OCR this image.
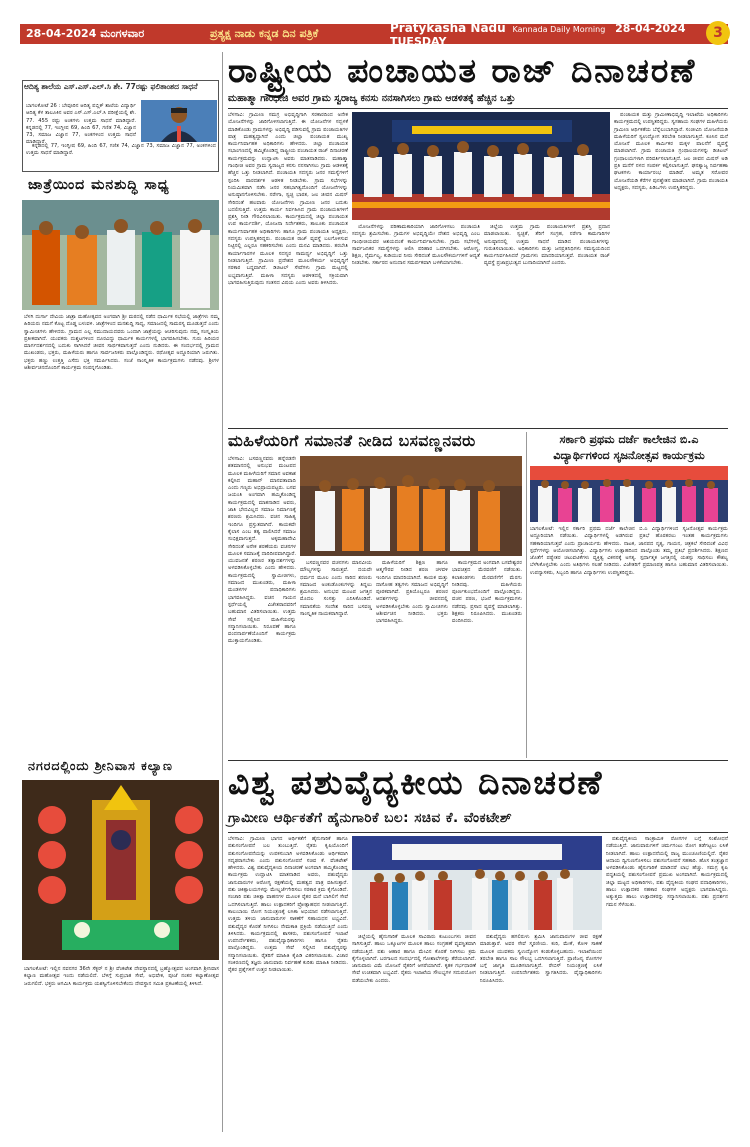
28-04-2024 ಮಂಗಳವಾರ	ಪ್ರತ್ಯಕ್ಷ ನಾಡು ಕನ್ನಡ ದಿನ ಪತ್ರಿಕೆ	Pratykasha Nadu Kannada Daily Morning 28-04-2024 TUESDAY	3
ಆದಿತ್ಯ ಶಾಲೆಯ ಎಸ್.ಎಸ್.ಎಲ್.ಸಿ ಶೇ. 77ರಷ್ಟು ಫಲಿತಾಂಶದ ಸಾಧನೆ
ಬಾಗಲಕೋಟೆ 26 : ಬೇವೂರಿನ ಆದಿತ್ಯ ಪಬ್ಲಿಕ್ ಶಾಲೆಯ ವಿದ್ಯಾರ್ಥಿ ಆದಿತ್ಯ ಕೆಳ ತಾಲೂಕಿನ ಅವರ ಎಸ್.ಎಸ್.ಎಲ್.ಸಿ ಪರೀಕ್ಷೆಯಲ್ಲಿ ಶೇ. 77. 455 ರಷ್ಟು ಅಂಕಗಳು ಉತ್ತಮ ಸಾಧನೆ ಮಾಡಿದ್ದಾರೆ. ಕನ್ನಡದಲ್ಲಿ 77, ಇಂಗ್ಲೀಷ 69, ಹಿಂದಿ 67, ಗಣಿತ 74, ವಿಜ್ಞಾನ 73, ಸಮಾಜ ವಿಜ್ಞಾನ 77, ಅಂಕಗಳಿಂದ ಉತ್ತಮ ಸಾಧನೆ ಮಾಡಿದ್ದಾರೆ.

ಕನ್ನಡದಲ್ಲಿ 77, ಇಂಗ್ಲೀಷ 69, ಹಿಂದಿ 67, ಗಣಿತ 74, ವಿಜ್ಞಾನ 73, ಸಮಾಜ ವಿಜ್ಞಾನ 77, ಅಂಕಗಳಿಂದ ಉತ್ತಮ ಸಾಧನೆ ಮಾಡಿದ್ದಾರೆ.

ಜಾತ್ರೆಯಿಂದ ಮನಶುದ್ಧಿ ಸಾಧ್ಯ
ಬೆಳಗಿ ದುರ್ಗಾ ದೇವಿಯ ಜಾತ್ರಾ ಮಹೋತ್ಸವದ ಅಂಗವಾಗಿ ಶ್ರೀ ಮಠದಲ್ಲಿ ನಡೆದ ಧಾರ್ಮಿಕ ಸಭೆಯಲ್ಲಿ ಜಾತ್ರೆಗಳು ನಮ್ಮ ಹಿರಿಯರು ನಮಗೆ ಕೊಟ್ಟ ದೊಡ್ಡ ಬಳುವಳಿ. ಜಾತ್ರೆಗಳಿಂದ ಮನಶುದ್ಧಿ ಸಾಧ್ಯ, ಸಮಾಜದಲ್ಲಿ ಸಾಮರಸ್ಯ ಮೂಡುತ್ತದೆ ಎಂದು ಸ್ವಾಮೀಜಿಗಳು ಹೇಳಿದರು. ಗ್ರಾಮದ ಎಲ್ಲ ಸಮುದಾಯದವರು ಒಂದಾಗಿ ಜಾತ್ರೆಯನ್ನು ಆಚರಿಸುವುದು ನಮ್ಮ ಸಂಸ್ಕೃತಿಯ ಪ್ರತೀಕವಾಗಿದೆ. ಯುವಕರು ದುಶ್ಚಟಗಳಿಂದ ದೂರವಿದ್ದು ಧಾರ್ಮಿಕ ಕಾರ್ಯಗಳಲ್ಲಿ ಭಾಗವಹಿಸಬೇಕು. ಗುರು ಹಿರಿಯರ ಮಾರ್ಗದರ್ಶನದಲ್ಲಿ ಬದುಕು ಸಾಗಿಸಿದರೆ ಜೀವನ ಸಾರ್ಥಕವಾಗುತ್ತದೆ ಎಂದು ನುಡಿದರು. ಈ ಸಂದರ್ಭದಲ್ಲಿ ಗ್ರಾಮದ ಮುಖಂಡರು, ಭಕ್ತರು, ಮಹಿಳೆಯರು ಹಾಗೂ ಸಾರ್ವಜನಿಕರು ಪಾಲ್ಗೊಂಡಿದ್ದರು. ರಥೋತ್ಸವ ಅದ್ದೂರಿಯಾಗಿ ಜರುಗಿತು. ಭಕ್ತರು ಹಣ್ಣು ಉತ್ತತ್ತಿ ಎಸೆದು ಭಕ್ತಿ ಸಮರ್ಪಿಸಿದರು. ಸಂಜೆ ಸಾಂಸ್ಕೃತಿಕ ಕಾರ್ಯಕ್ರಮಗಳು ನಡೆದವು. ಶ್ರೀಗಳ ಆಶೀರ್ವಚನದೊಂದಿಗೆ ಕಾರ್ಯಕ್ರಮ ಸಂಪನ್ನಗೊಂಡಿತು.
ನಗರದಲ್ಲಿಂದು ಶ್ರೀನಿವಾಸ ಕಲ್ಯಾಣ
ಬಾಗಲಕೋಟೆ: ಇಲ್ಲಿನ ನವನಗರ 36ನೇ ಸೆಕ್ಟರ್ ನ ಶ್ರೀ ವೆಂಕಟೇಶ ದೇವಸ್ಥಾನದಲ್ಲಿ ಬ್ರಹ್ಮೋತ್ಸವದ ಅಂಗವಾಗಿ ಶ್ರೀನಿವಾಸ ಕಲ್ಯಾಣ ಮಹೋತ್ಸವ ಇಂದು ನಡೆಯಲಿದೆ. ಬೆಳಿಗ್ಗೆ ಸುಪ್ರಭಾತ ಸೇವೆ, ಅಭಿಷೇಕ, ಪೂಜೆ ನಂತರ ಕಲ್ಯಾಣೋತ್ಸವ ಜರುಗಲಿದೆ. ಭಕ್ತರು ಆಗಮಿಸಿ ಕಾರ್ಯಕ್ರಮ ಯಶಸ್ವಿಗೊಳಿಸಬೇಕೆಂದು ದೇವಸ್ಥಾನ ಸಮಿತಿ ಪ್ರಕಟಣೆಯಲ್ಲಿ ತಿಳಿಸಿದೆ.
ರಾಷ್ಟ್ರೀಯ ಪಂಚಾಯತ ರಾಜ್ ದಿನಾಚರಣೆ
ಮಹಾತ್ಮಾ ಗಾಂಧೀಜಿ ಅವರ ಗ್ರಾಮ ಸ್ವರಾಜ್ಯ ಕನಸು ನನಸಾಗಿಸಲು ಗ್ರಾಮ ಆಡಳಿತಕ್ಕೆ ಹೆಚ್ಚಿನ ಒತ್ತು
ಬೆಳಗಾವಿ: ಗ್ರಾಮೀಣ ಸಮಗ್ರ ಅಭಿವೃದ್ಧಿಗಾಗಿ ಸರಕಾರದಿಂದ ಅನೇಕ ಯೋಜನೆಗಳನ್ನು ಜಾರಿಗೊಳಿಸಲಾಗುತ್ತಿದೆ. ಈ ಯೋಜನೆಗಳ ಸದ್ಬಳಕೆ ಮಾಡಿಕೊಂಡು ಗ್ರಾಮಗಳನ್ನು ಅಭಿವೃದ್ಧಿ ಪಡಿಸುವಲ್ಲಿ ಗ್ರಾಮ ಪಂಚಾಯತಿಗಳ ಪಾತ್ರ ಮಹತ್ವದ್ದಾಗಿದೆ ಎಂದು ಜಿಲ್ಲಾ ಪಂಚಾಯತ ಮುಖ್ಯ ಕಾರ್ಯನಿರ್ವಾಹಕ ಅಧಿಕಾರಿಗಳು ಹೇಳಿದರು. ಜಿಲ್ಲಾ ಪಂಚಾಯತ ಸಭಾಂಗಣದಲ್ಲಿ ಹಮ್ಮಿಕೊಂಡಿದ್ದ ರಾಷ್ಟ್ರೀಯ ಪಂಚಾಯತ ರಾಜ್ ದಿನಾಚರಣೆ ಕಾರ್ಯಕ್ರಮವನ್ನು ಉದ್ಘಾಟಿಸಿ ಅವರು ಮಾತನಾಡಿದರು. ಮಹಾತ್ಮಾ ಗಾಂಧೀಜಿ ಅವರ ಗ್ರಾಮ ಸ್ವರಾಜ್ಯದ ಕನಸು ನನಸಾಗಿಸಲು ಗ್ರಾಮ ಆಡಳಿತಕ್ಕೆ ಹೆಚ್ಚಿನ ಒತ್ತು ನೀಡಲಾಗಿದೆ. ಪಂಚಾಯತಿ ಸದಸ್ಯರು ಜನರ ಸಮಸ್ಯೆಗಳಿಗೆ ಸ್ಪಂದಿಸಿ ಪಾರದರ್ಶಕ ಆಡಳಿತ ನೀಡಬೇಕು. ಗ್ರಾಮ ಸಭೆಗಳನ್ನು ನಿಯಮಿತವಾಗಿ ನಡೆಸಿ ಜನರ ಸಹಭಾಗಿತ್ವದೊಂದಿಗೆ ಯೋಜನೆಗಳನ್ನು ಅನುಷ್ಠಾನಗೊಳಿಸಬೇಕು. ನರೇಗಾ, ಸ್ವಚ್ಛ ಭಾರತ, ಜಲ ಜೀವನ ಮಿಷನ್ ಸೇರಿದಂತೆ ಹಲವಾರು ಯೋಜನೆಗಳು ಗ್ರಾಮೀಣ ಜನರ ಬದುಕು ಬದಲಿಸುತ್ತಿವೆ. ಉತ್ತಮ ಕಾರ್ಯ ನಿರ್ವಹಿಸಿದ ಗ್ರಾಮ ಪಂಚಾಯತಿಗಳಿಗೆ ಪ್ರಶಸ್ತಿ ನೀಡಿ ಗೌರವಿಸಲಾಯಿತು. ಕಾರ್ಯಕ್ರಮದಲ್ಲಿ ಜಿಲ್ಲಾ ಪಂಚಾಯತ ಉಪ ಕಾರ್ಯದರ್ಶಿ, ಯೋಜನಾ ನಿರ್ದೇಶಕರು, ತಾಲೂಕು ಪಂಚಾಯತ ಕಾರ್ಯನಿರ್ವಾಹಕ ಅಧಿಕಾರಿಗಳು ಹಾಗೂ ಗ್ರಾಮ ಪಂಚಾಯತಿ ಅಧ್ಯಕ್ಷರು, ಸದಸ್ಯರು ಉಪಸ್ಥಿತರಿದ್ದರು. ಪಂಚಾಯತ ರಾಜ್ ವ್ಯವಸ್ಥೆ ಬಲಗೊಳಿಸುವ ನಿಟ್ಟಿನಲ್ಲಿ ಎಲ್ಲರೂ ಸಹಕರಿಸಬೇಕು ಎಂದು ಮನವಿ ಮಾಡಿದರು. ತರಬೇತಿ ಕಾರ್ಯಾಗಾರಗಳ ಮೂಲಕ ಸದಸ್ಯರ ಸಾಮರ್ಥ್ಯ ಅಭಿವೃದ್ಧಿಗೆ ಒತ್ತು ನೀಡಲಾಗುತ್ತಿದೆ. ಗ್ರಾಮೀಣ ಪ್ರದೇಶದ ಮೂಲಸೌಕರ್ಯ ಅಭಿವೃದ್ಧಿಗೆ ಸರಕಾರ ಬದ್ಧವಾಗಿದೆ. ಡಿಜಿಟಲ್ ಸೇವೆಗಳು ಗ್ರಾಮ ಮಟ್ಟದಲ್ಲಿ ಲಭ್ಯವಾಗುತ್ತಿವೆ. ಮಹಿಳಾ ಸದಸ್ಯರು ಆಡಳಿತದಲ್ಲಿ ಸಕ್ರಿಯವಾಗಿ ಭಾಗವಹಿಸುತ್ತಿರುವುದು ಸಂತಸದ ವಿಷಯ ಎಂದು ಅವರು ತಿಳಿಸಿದರು.

ಯೋಜನೆಗಳನ್ನು ಪರಿಣಾಮಕಾರಿಯಾಗಿ ಜಾರಿಗೊಳಿಸಲು ಪಂಚಾಯತಿ ಸದಸ್ಯರು ಶ್ರಮಿಸಬೇಕು. ಗ್ರಾಮಗಳ ಅಭಿವೃದ್ಧಿಯೇ ದೇಶದ ಅಭಿವೃದ್ಧಿ ಎಂಬ ಗಾಂಧೀಜಿಯವರ ಆಶಯದಂತೆ ಕಾರ್ಯನಿರ್ವಹಿಸಬೇಕು. ಗ್ರಾಮ ಸಭೆಗಳಲ್ಲಿ ಸಾರ್ವಜನಿಕರ ಸಮಸ್ಯೆಗಳನ್ನು ಆಲಿಸಿ ಪರಿಹಾರ ಒದಗಿಸಬೇಕು. ಆರೋಗ್ಯ, ಶಿಕ್ಷಣ, ನೈರ್ಮಲ್ಯ, ಕುಡಿಯುವ ನೀರು ಸೇರಿದಂತೆ ಮೂಲಸೌಕರ್ಯಗಳಿಗೆ ಆದ್ಯತೆ ನೀಡಬೇಕು. ಸರ್ಕಾರದ ಅನುದಾನ ಸಮರ್ಪಕವಾಗಿ ಬಳಕೆಯಾಗಬೇಕು.

ಜಿಲ್ಲೆಯ ಉತ್ತಮ ಗ್ರಾಮ ಪಂಚಾಯತಿಗಳಿಗೆ ಪ್ರಶಸ್ತಿ ಪ್ರದಾನ ಮಾಡಲಾಯಿತು. ಸ್ವಚ್ಛತೆ, ತೆರಿಗೆ ಸಂಗ್ರಹ, ನರೇಗಾ ಕಾಮಗಾರಿಗಳ ಅನುಷ್ಠಾನದಲ್ಲಿ ಉತ್ತಮ ಸಾಧನೆ ಮಾಡಿದ ಪಂಚಾಯತಿಗಳನ್ನು ಗುರುತಿಸಲಾಯಿತು. ಅಧಿಕಾರಿಗಳು ಮತ್ತು ಜನಪ್ರತಿನಿಧಿಗಳು ಸಮನ್ವಯದಿಂದ ಕಾರ್ಯನಿರ್ವಹಿಸಿದರೆ ಗ್ರಾಮಗಳು ಮಾದರಿಯಾಗುತ್ತವೆ. ಪಂಚಾಯತ ರಾಜ್ ವ್ಯವಸ್ಥೆ ಪ್ರಜಾಪ್ರಭುತ್ವದ ಬುನಾದಿಯಾಗಿದೆ ಎಂದರು.

ಪಂಚಾಯತ ಮತ್ತು ಗ್ರಾಮೀಣಾಭಿವೃದ್ಧಿ ಇಲಾಖೆಯ ಅಧಿಕಾರಿಗಳು ಕಾರ್ಯಕ್ರಮದಲ್ಲಿ ಉಪಸ್ಥಿತರಿದ್ದರು. ಸ್ವಸಹಾಯ ಸಂಘಗಳ ಮಹಿಳೆಯರು ಗ್ರಾಮೀಣ ಆರ್ಥಿಕತೆಯ ಬೆನ್ನೆಲುಬಾಗಿದ್ದಾರೆ. ಸಂಜೀವಿನಿ ಯೋಜನೆಯಡಿ ಮಹಿಳೆಯರಿಗೆ ಸ್ವಉದ್ಯೋಗ ತರಬೇತಿ ನೀಡಲಾಗುತ್ತಿದೆ. ಕೂಸಿನ ಮನೆ ಯೋಜನೆ ಮೂಲಕ ಕಾರ್ಮಿಕರ ಮಕ್ಕಳ ಪಾಲನೆಗೆ ವ್ಯವಸ್ಥೆ ಮಾಡಲಾಗಿದೆ. ಗ್ರಾಮ ಪಂಚಾಯತಿ ಗ್ರಂಥಾಲಯಗಳನ್ನು ಡಿಜಿಟಲ್ ಗ್ರಂಥಾಲಯಗಳಾಗಿ ಪರಿವರ್ತಿಸಲಾಗುತ್ತಿದೆ. ಜಲ ಜೀವನ ಮಿಷನ್ ಅಡಿ ಪ್ರತಿ ಮನೆಗೆ ನಳದ ಸಂಪರ್ಕ ಕಲ್ಪಿಸಲಾಗುತ್ತಿದೆ. ಘನತ್ಯಾಜ್ಯ ನಿರ್ವಹಣಾ ಘಟಕಗಳು ಕಾರ್ಯಾರಂಭ ಮಾಡಿವೆ. ಅಮೃತ ಸರೋವರ ಯೋಜನೆಯಡಿ ಕೆರೆಗಳ ಪುನಶ್ಚೇತನ ಮಾಡಲಾಗಿದೆ. ಗ್ರಾಮ ಪಂಚಾಯತಿ ಅಧ್ಯಕ್ಷರು, ಸದಸ್ಯರು, ಪಿಡಿಒಗಳು ಉಪಸ್ಥಿತರಿದ್ದರು.

ಮಹಿಳೆಯರಿಗೆ ಸಮಾನತೆ ನೀಡಿದ ಬಸವಣ್ಣನವರು
ಬೆಳಗಾವಿ: ಬಸವಣ್ಣನವರು ಹನ್ನೆರಡನೇ ಶತಮಾನದಲ್ಲಿ ಅನುಭವ ಮಂಟಪದ ಮೂಲಕ ಮಹಿಳೆಯರಿಗೆ ಸಮಾನ ಅವಕಾಶ ಕಲ್ಪಿಸಿದ ಮಹಾನ್ ಮಾನವತಾವಾದಿ ಎಂದು ಗಣ್ಯರು ಅಭಿಪ್ರಾಯಪಟ್ಟರು. ಬಸವ ಜಯಂತಿ ಅಂಗವಾಗಿ ಹಮ್ಮಿಕೊಂಡಿದ್ದ ಕಾರ್ಯಕ್ರಮದಲ್ಲಿ ಮಾತನಾಡಿದ ಅವರು, ಜಾತಿ ಭೇದವಿಲ್ಲದ ಸಮಾಜ ನಿರ್ಮಾಣಕ್ಕೆ ಶರಣರು ಶ್ರಮಿಸಿದರು. ವಚನ ಸಾಹಿತ್ಯ ಇಂದಿಗೂ ಪ್ರಸ್ತುತವಾಗಿದೆ. ಕಾಯಕವೇ ಕೈಲಾಸ ಎಂಬ ತತ್ವ ಪಾಲಿಸಿದರೆ ಸಮಾಜ ಸುಭಿಕ್ಷವಾಗುತ್ತದೆ. ಅಕ್ಕಮಹಾದೇವಿ ಸೇರಿದಂತೆ ಅನೇಕ ಶರಣೆಯರು ವಚನಗಳ ಮೂಲಕ ಸಮಾಜಕ್ಕೆ ದಾರಿದೀಪವಾಗಿದ್ದಾರೆ. ಯುವಜನತೆ ಶರಣರ ತತ್ವಾದರ್ಶಗಳನ್ನು ಅಳವಡಿಸಿಕೊಳ್ಳಬೇಕು ಎಂದು ಹೇಳಿದರು. ಕಾರ್ಯಕ್ರಮದಲ್ಲಿ ಸ್ವಾಮೀಜಿಗಳು, ಸಮಾಜದ ಮುಖಂಡರು, ಮಹಿಳಾ ಮಂಡಳಗಳ ಪದಾಧಿಕಾರಿಗಳು ಭಾಗವಹಿಸಿದ್ದರು. ವಚನ ಗಾಯನ ಸ್ಪರ್ಧೆಯಲ್ಲಿ ವಿಜೇತರಾದವರಿಗೆ ಬಹುಮಾನ ವಿತರಿಸಲಾಯಿತು. ಉತ್ತಮ ಸೇವೆ ಸಲ್ಲಿಸಿದ ಮಹಿಳೆಯರನ್ನು ಸನ್ಮಾನಿಸಲಾಯಿತು. ನಿರೂಪಣೆ ಹಾಗೂ ವಂದನಾರ್ಪಣೆಯೊಂದಿಗೆ ಕಾರ್ಯಕ್ರಮ ಮುಕ್ತಾಯಗೊಂಡಿತು.

ಬಸವಣ್ಣನವರ ವಚನಗಳು ಮಾನವೀಯ ಮೌಲ್ಯಗಳನ್ನು ಸಾರುತ್ತವೆ. ದಯವೇ ಧರ್ಮದ ಮೂಲ ಎಂದು ಸಾರಿದ ಶರಣರು ಸಮಾಜದ ಅಂಕುಡೊಂಕುಗಳನ್ನು ತಿದ್ದಲು ಶ್ರಮಿಸಿದರು. ಅನುಭವ ಮಂಟಪ ಜಗತ್ತಿನ ಮೊದಲ ಸಂಸತ್ತು ಎನಿಸಿಕೊಂಡಿದೆ. ಸಮಾನತೆಯ ಸಂದೇಶ ಸಾರಿದ ಬಸವಣ್ಣ ಸಾಂಸ್ಕೃತಿಕ ನಾಯಕರಾಗಿದ್ದಾರೆ.

ಮಹಿಳೆಯರಿಗೆ ಶಿಕ್ಷಣ ಹಾಗೂ ಆತ್ಮಗೌರವ ನೀಡಿದ ಶರಣ ಚಳವಳಿ ಇಂದಿಗೂ ಮಾದರಿಯಾಗಿದೆ. ಕಾಯಕ ಮತ್ತು ದಾಸೋಹ ತತ್ವಗಳು ಸಮಾಜದ ಅಭಿವೃದ್ಧಿಗೆ ಪೂರಕವಾಗಿವೆ. ಪ್ರತಿಯೊಬ್ಬರೂ ಶರಣರ ಆದರ್ಶಗಳನ್ನು ಜೀವನದಲ್ಲಿ ಅಳವಡಿಸಿಕೊಳ್ಳಬೇಕು ಎಂದು ಸ್ವಾಮೀಜಿಗಳು ಆಶೀರ್ವಚನ ನೀಡಿದರು. ಭಕ್ತರು ಭಾಗವಹಿಸಿದ್ದರು.

ಕಾರ್ಯಕ್ರಮದ ಅಂಗವಾಗಿ ಬಸವೇಶ್ವರರ ಭಾವಚಿತ್ರದ ಮೆರವಣಿಗೆ ನಡೆಯಿತು. ಕಲಾತಂಡಗಳು ಮೆರವಣಿಗೆಗೆ ಮೆರಗು ನೀಡಿದವು. ಮಹಿಳೆಯರು ಪೂರ್ಣಕುಂಭದೊಂದಿಗೆ ಪಾಲ್ಗೊಂಡಿದ್ದರು. ವಚನ ಪಠಣ, ಭಜನೆ ಕಾರ್ಯಕ್ರಮಗಳು ನಡೆದವು. ಪ್ರಸಾದ ವ್ಯವಸ್ಥೆ ಮಾಡಲಾಗಿತ್ತು. ಶಿಕ್ಷಕರು ನಿರೂಪಿಸಿದರು. ಮುಖಂಡರು ವಂದಿಸಿದರು.

ಸರ್ಕಾರಿ ಪ್ರಥಮ ದರ್ಜೆ ಕಾಲೇಜಿನ ಬಿ.ಎ
ವಿದ್ಯಾರ್ಥಿಗಳಿಂದ ಸೃಜನೋತ್ಸವ ಕಾರ್ಯಕ್ರಮ
ಬಾಗಲಕೋಟೆ: ಇಲ್ಲಿನ ಸರ್ಕಾರಿ ಪ್ರಥಮ ದರ್ಜೆ ಕಾಲೇಜಿನ ಬಿ.ಎ ವಿದ್ಯಾರ್ಥಿಗಳಿಂದ ಸೃಜನೋತ್ಸವ ಕಾರ್ಯಕ್ರಮ ಅದ್ದೂರಿಯಾಗಿ ನಡೆಯಿತು. ವಿದ್ಯಾರ್ಥಿಗಳಲ್ಲಿ ಅಡಗಿರುವ ಪ್ರತಿಭೆ ಹೊರತರಲು ಇಂತಹ ಕಾರ್ಯಕ್ರಮಗಳು ಸಹಕಾರಿಯಾಗುತ್ತವೆ ಎಂದು ಪ್ರಾಚಾರ್ಯರು ಹೇಳಿದರು. ನಾಟಕ, ಜಾನಪದ ನೃತ್ಯ, ಗಾಯನ, ಚಿತ್ರಕಲೆ ಸೇರಿದಂತೆ ವಿವಿಧ ಸ್ಪರ್ಧೆಗಳನ್ನು ಆಯೋಜಿಸಲಾಗಿತ್ತು. ವಿದ್ಯಾರ್ಥಿಗಳು ಉತ್ಸಾಹದಿಂದ ಪಾಲ್ಗೊಂಡು ತಮ್ಮ ಪ್ರತಿಭೆ ಪ್ರದರ್ಶಿಸಿದರು. ಶಿಕ್ಷಣದ ಜೊತೆಗೆ ಪಠ್ಯೇತರ ಚಟುವಟಿಕೆಗಳು ವ್ಯಕ್ತಿತ್ವ ವಿಕಸನಕ್ಕೆ ಅಗತ್ಯ. ಸ್ಪರ್ಧಾತ್ಮಕ ಜಗತ್ತಿನಲ್ಲಿ ಯಶಸ್ಸು ಸಾಧಿಸಲು ಕೌಶಲ್ಯ ಬೆಳೆಸಿಕೊಳ್ಳಬೇಕು ಎಂದು ಅತಿಥಿಗಳು ಸಲಹೆ ನೀಡಿದರು. ವಿಜೇತರಿಗೆ ಪ್ರಮಾಣಪತ್ರ ಹಾಗೂ ಬಹುಮಾನ ವಿತರಿಸಲಾಯಿತು. ಉಪನ್ಯಾಸಕರು, ಸಿಬ್ಬಂದಿ ಹಾಗೂ ವಿದ್ಯಾರ್ಥಿಗಳು ಉಪಸ್ಥಿತರಿದ್ದರು.
ವಿಶ್ವ ಪಶುವೈದ್ಯಕೀಯ ದಿನಾಚರಣೆ
ಗ್ರಾಮೀಣ ಆರ್ಥಿಕತೆಗೆ ಹೈನುಗಾರಿಕೆ ಬಲ: ಸಚಿವ ಕೆ. ವೆಂಕಟೇಶ್
ಬೆಳಗಾವಿ: ಗ್ರಾಮೀಣ ಭಾಗದ ಆರ್ಥಿಕತೆಗೆ ಹೈನುಗಾರಿಕೆ ಹಾಗೂ ಪಶುಸಂಗೋಪನೆ ಬಲ ತುಂಬುತ್ತಿದೆ. ರೈತರು ಕೃಷಿಯೊಂದಿಗೆ ಪಶುಸಂಗೋಪನೆಯನ್ನು ಉಪಕಸುಬಾಗಿ ಅಳವಡಿಸಿಕೊಂಡು ಆರ್ಥಿಕವಾಗಿ ಸದೃಢರಾಗಬೇಕು ಎಂದು ಪಶುಸಂಗೋಪನೆ ಸಚಿವ ಕೆ. ವೆಂಕಟೇಶ್ ಹೇಳಿದರು. ವಿಶ್ವ ಪಶುವೈದ್ಯಕೀಯ ದಿನಾಚರಣೆ ಅಂಗವಾಗಿ ಹಮ್ಮಿಕೊಂಡಿದ್ದ ಕಾರ್ಯಕ್ರಮ ಉದ್ಘಾಟಿಸಿ ಮಾತನಾಡಿದ ಅವರು, ಪಶುವೈದ್ಯರು ಜಾನುವಾರುಗಳ ಆರೋಗ್ಯ ರಕ್ಷಣೆಯಲ್ಲಿ ಮಹತ್ವದ ಪಾತ್ರ ವಹಿಸುತ್ತಾರೆ. ಪಶು ಚಿಕಿತ್ಸಾಲಯಗಳನ್ನು ಮೇಲ್ದರ್ಜೆಗೇರಿಸಲು ಸರಕಾರ ಕ್ರಮ ಕೈಗೊಂಡಿದೆ. ಸಂಚಾರಿ ಪಶು ಚಿಕಿತ್ಸಾ ವಾಹನಗಳ ಮೂಲಕ ರೈತರ ಮನೆ ಬಾಗಿಲಿಗೆ ಸೇವೆ ಒದಗಿಸಲಾಗುತ್ತಿದೆ. ಹಾಲು ಉತ್ಪಾದಕರಿಗೆ ಪ್ರೋತ್ಸಾಹಧನ ನೀಡಲಾಗುತ್ತಿದೆ. ಕಾಲುಬಾಯಿ ರೋಗ ನಿಯಂತ್ರಣಕ್ಕೆ ಲಸಿಕಾ ಅಭಿಯಾನ ನಡೆಸಲಾಗುತ್ತಿದೆ. ಉತ್ತಮ ತಳಿಯ ಜಾನುವಾರುಗಳ ಸಾಕಣೆಗೆ ಸಹಾಯಧನ ಲಭ್ಯವಿದೆ. ಪಶುವೈದ್ಯರ ಕೊರತೆ ನೀಗಿಸಲು ನೇಮಕಾತಿ ಪ್ರಕ್ರಿಯೆ ನಡೆಯುತ್ತಿದೆ ಎಂದು ತಿಳಿಸಿದರು. ಕಾರ್ಯಕ್ರಮದಲ್ಲಿ ಶಾಸಕರು, ಪಶುಸಂಗೋಪನೆ ಇಲಾಖೆ ಉಪನಿರ್ದೇಶಕರು, ಪಶುವೈದ್ಯಾಧಿಕಾರಿಗಳು ಹಾಗೂ ರೈತರು ಪಾಲ್ಗೊಂಡಿದ್ದರು. ಉತ್ತಮ ಸೇವೆ ಸಲ್ಲಿಸಿದ ಪಶುವೈದ್ಯರನ್ನು ಸನ್ಮಾನಿಸಲಾಯಿತು. ರೈತರಿಗೆ ಮಾಹಿತಿ ಕೈಪಿಡಿ ವಿತರಿಸಲಾಯಿತು. ವಿಚಾರ ಸಂಕಿರಣದಲ್ಲಿ ತಜ್ಞರು ಜಾನುವಾರು ನಿರ್ವಹಣೆ ಕುರಿತು ಮಾಹಿತಿ ನೀಡಿದರು. ರೈತರ ಪ್ರಶ್ನೆಗಳಿಗೆ ಉತ್ತರ ನೀಡಲಾಯಿತು.

ಜಿಲ್ಲೆಯಲ್ಲಿ ಹೈನುಗಾರಿಕೆ ಮೂಲಕ ಸಾವಿರಾರು ಕುಟುಂಬಗಳು ಜೀವನ ಸಾಗಿಸುತ್ತಿವೆ. ಹಾಲು ಒಕ್ಕೂಟಗಳ ಮೂಲಕ ಹಾಲು ಸಂಗ್ರಹಣೆ ವ್ಯವಸ್ಥಿತವಾಗಿ ನಡೆಯುತ್ತಿದೆ. ಪಶು ಆಹಾರ ಹಾಗೂ ಮೇವಿನ ಕೊರತೆ ನೀಗಿಸಲು ಕ್ರಮ ಕೈಗೊಳ್ಳಲಾಗಿದೆ. ಬರಗಾಲದ ಸಂದರ್ಭದಲ್ಲಿ ಗೋಶಾಲೆಗಳನ್ನು ತೆರೆಯಲಾಗಿದೆ. ಜಾನುವಾರು ವಿಮೆ ಯೋಜನೆ ರೈತರಿಗೆ ಆಸರೆಯಾಗಿದೆ. ಕೃತಕ ಗರ್ಭಧಾರಣೆ ಸೇವೆ ಉಚಿತವಾಗಿ ಲಭ್ಯವಿದೆ. ರೈತರು ಇಲಾಖೆಯ ಸೌಲಭ್ಯಗಳ ಸದುಪಯೋಗ ಪಡೆಯಬೇಕು ಎಂದರು.

ಪಶುವೈದ್ಯರು ಹಗಲಿರುಳು ಶ್ರಮಿಸಿ ಜಾನುವಾರುಗಳ ಜೀವ ರಕ್ಷಣೆ ಮಾಡುತ್ತಾರೆ. ಅವರ ಸೇವೆ ಸ್ಮರಣೀಯ. ಕುರಿ, ಮೇಕೆ, ಕೋಳಿ ಸಾಕಣೆ ಮೂಲಕ ಯುವಕರು ಸ್ವಉದ್ಯೋಗ ಕಂಡುಕೊಳ್ಳಬಹುದು. ಇಲಾಖೆಯಿಂದ ತರಬೇತಿ ಹಾಗೂ ಸಾಲ ಸೌಲಭ್ಯ ಒದಗಿಸಲಾಗುತ್ತಿದೆ. ಪ್ರಾಣಿಜನ್ಯ ರೋಗಗಳ ಬಗ್ಗೆ ಜಾಗೃತಿ ಮೂಡಿಸಲಾಗುತ್ತಿದೆ. ರೇಬಿಸ್ ನಿಯಂತ್ರಣಕ್ಕೆ ಲಸಿಕೆ ನೀಡಲಾಗುತ್ತಿದೆ. ಉಪನಿರ್ದೇಶಕರು ಸ್ವಾಗತಿಸಿದರು. ವೈದ್ಯಾಧಿಕಾರಿಗಳು ನಿರೂಪಿಸಿದರು.

ಪಶುವೈದ್ಯಕೀಯ ಸಾಂಕ್ರಾಮಿಕ ರೋಗಗಳ ಬಗ್ಗೆ ಸಂಶೋಧನೆ ನಡೆಯುತ್ತಿದೆ. ಜಾನುವಾರುಗಳಿಗೆ ಚರ್ಮಗಂಟು ರೋಗ ತಡೆಗಟ್ಟಲು ಲಸಿಕೆ ನೀಡಲಾಗಿದೆ. ಹಾಲು ಉತ್ಪಾದನೆಯಲ್ಲಿ ರಾಜ್ಯ ಮುಂಚೂಣಿಯಲ್ಲಿದೆ. ರೈತರ ಆದಾಯ ದ್ವಿಗುಣಗೊಳಿಸಲು ಪಶುಸಂಗೋಪನೆ ಸಹಕಾರಿ. ಹೊಸ ತಂತ್ರಜ್ಞಾನ ಅಳವಡಿಸಿಕೊಂಡು ಹೈನುಗಾರಿಕೆ ಮಾಡಿದರೆ ಲಾಭ ಹೆಚ್ಚು. ಸಮಗ್ರ ಕೃಷಿ ಪದ್ಧತಿಯಲ್ಲಿ ಪಶುಸಂಗೋಪನೆ ಪ್ರಮುಖ ಅಂಗವಾಗಿದೆ. ಕಾರ್ಯಕ್ರಮದಲ್ಲಿ ಜಿಲ್ಲಾ ಮಟ್ಟದ ಅಧಿಕಾರಿಗಳು, ಪಶು ವೈದ್ಯಕೀಯ ಸಂಘದ ಪದಾಧಿಕಾರಿಗಳು, ಹಾಲು ಉತ್ಪಾದಕರ ಸಹಕಾರ ಸಂಘಗಳ ಅಧ್ಯಕ್ಷರು ಭಾಗವಹಿಸಿದ್ದರು. ಅತ್ಯುತ್ತಮ ಹಾಲು ಉತ್ಪಾದಕರನ್ನು ಸನ್ಮಾನಿಸಲಾಯಿತು. ಪಶು ಪ್ರದರ್ಶನ ಗಮನ ಸೆಳೆಯಿತು.
